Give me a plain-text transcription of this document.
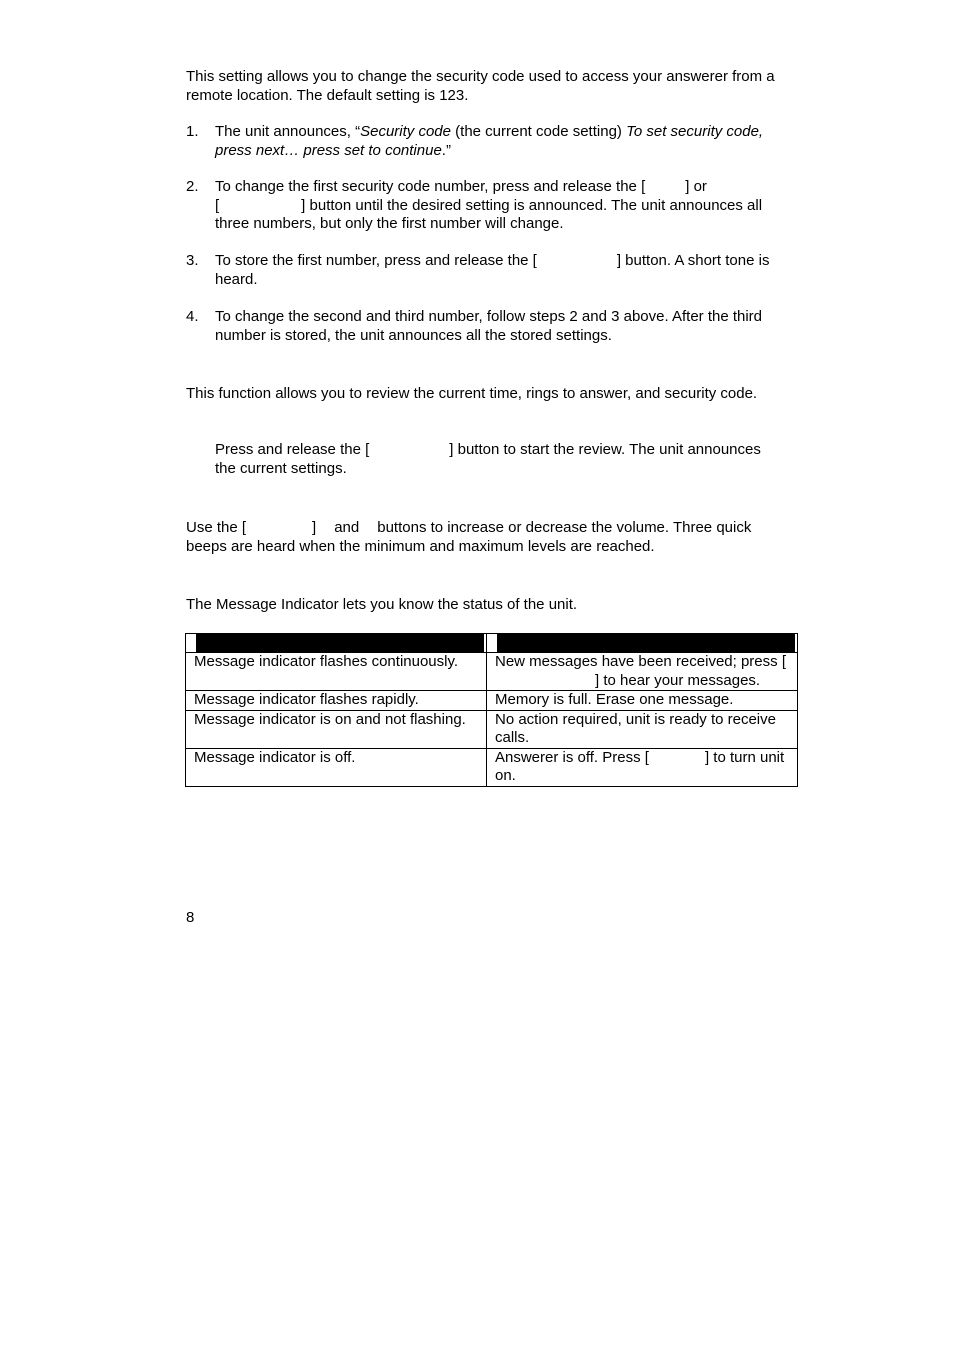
This setting allows you to change the security code used to access your answerer from a remote location. The default setting is 123.

1. The unit announces, “Security code (the current code setting) To set security code, press next… press set to continue.”

2. To change the first security code number, press and release the [	] or
[	] button until the desired setting is announced. The unit announces all three numbers, but only the first number will change.
3. To store the first number, press and release the [	] button. A short tone is heard.

4. To change the second and third number, follow steps 2 and 3 above. After the third number is stored, the unit announces all the stored settings.

This function allows you to review the current time, rings to answer, and security code.

Press and release the [	] button to start the review. The unit announces the current settings.

Use the [	] and buttons to increase or decrease the volume. Three quick beeps are heard when the minimum and maximum levels are reached.

The Message Indicator lets you know the status of the unit.

Message indicator flashes continuously.	New messages have been received; press [] to hear your messages.
Message indicator flashes rapidly.	Memory is full. Erase one message.
Message indicator is on and not flashing.	No action required, unit is ready to receive calls.
Message indicator is off.	Answerer is off. Press [ ] to turn unit on.
8
